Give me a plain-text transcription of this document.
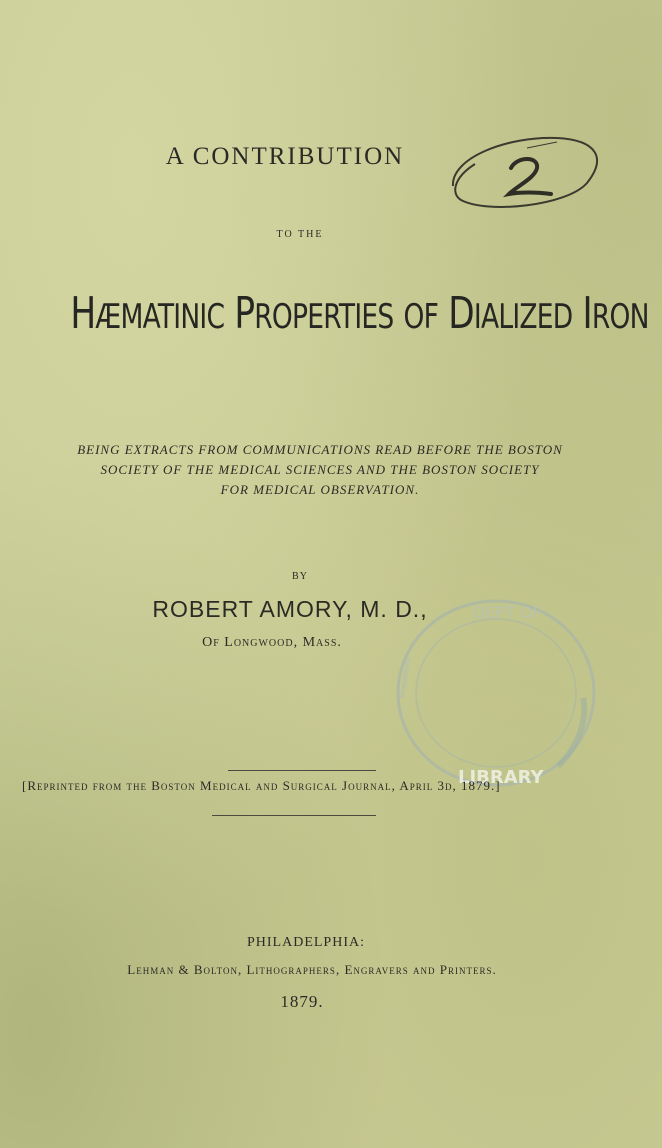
A CONTRIBUTION
TO THE
HÆMATINIC PROPERTIES OF DIALIZED IRON
BEING EXTRACTS FROM COMMUNICATIONS READ BEFORE THE BOSTON
SOCIETY OF THE MEDICAL SCIENCES AND THE BOSTON SOCIETY
FOR MEDICAL OBSERVATION.
BY
ROBERT AMORY, M. D.,
Of Longwood, Mass.
DEPT OF
LIBRARY
[Reprinted from the Boston Medical and Surgical Journal, April 3d, 1879.]
PHILADELPHIA:
Lehman & Bolton, Lithographers, Engravers and Printers.
1879.
